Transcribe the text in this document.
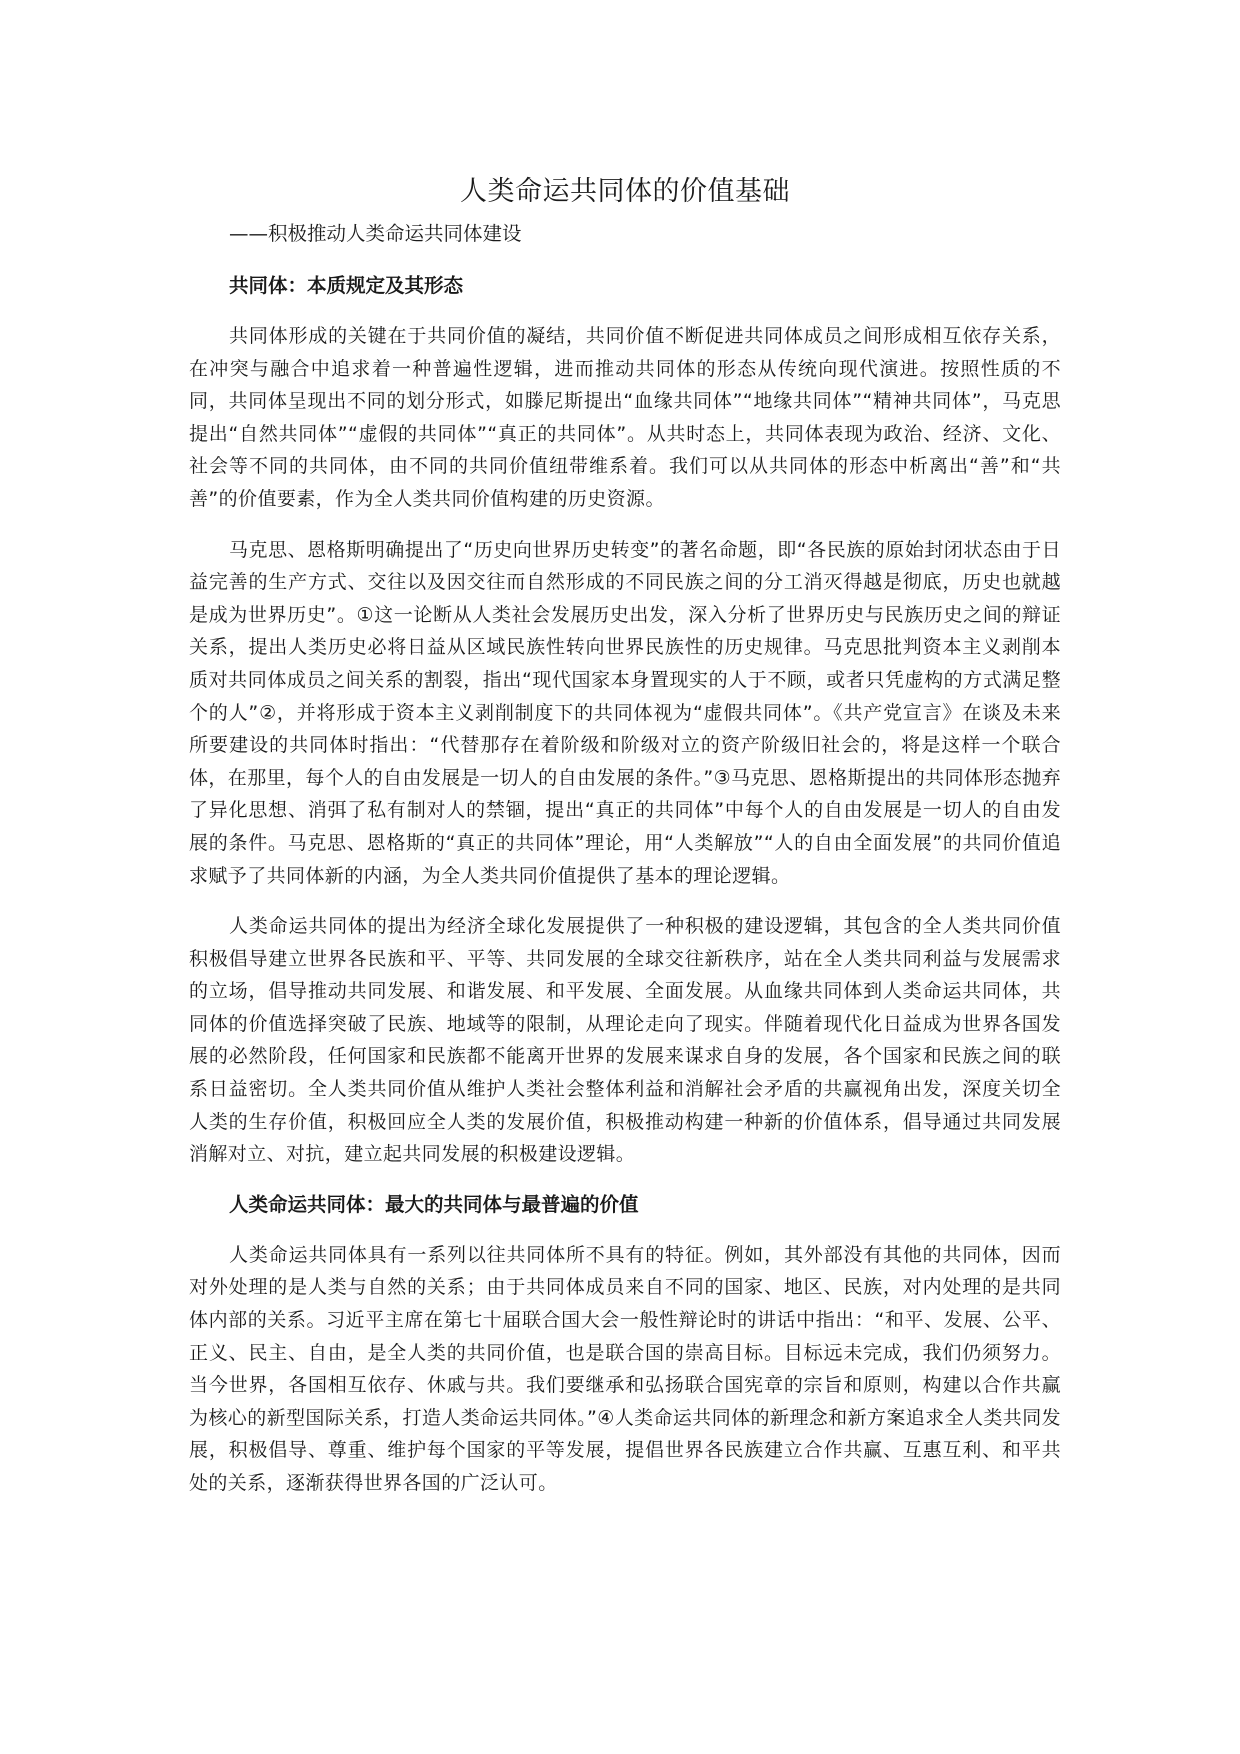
人类命运共同体的价值基础
——积极推动人类命运共同体建设
共同体：本质规定及其形态

共同体形成的关键在于共同价值的凝结，共同价值不断促进共同体成员之间形成相互依存关系，在冲突与融合中追求着一种普遍性逻辑，进而推动共同体的形态从传统向现代演进。按照性质的不同，共同体呈现出不同的划分形式，如滕尼斯提出“血缘共同体”“地缘共同体”“精神共同体”，马克思提出“自然共同体”“虚假的共同体”“真正的共同体”。从共时态上，共同体表现为政治、经济、文化、社会等不同的共同体，由不同的共同价值纽带维系着。我们可以从共同体的形态中析离出“善”和“共善”的价值要素，作为全人类共同价值构建的历史资源。

马克思、恩格斯明确提出了“历史向世界历史转变”的著名命题，即“各民族的原始封闭状态由于日益完善的生产方式、交往以及因交往而自然形成的不同民族之间的分工消灭得越是彻底，历史也就越是成为世界历史”。①这一论断从人类社会发展历史出发，深入分析了世界历史与民族历史之间的辩证关系，提出人类历史必将日益从区域民族性转向世界民族性的历史规律。马克思批判资本主义剥削本质对共同体成员之间关系的割裂，指出“现代国家本身置现实的人于不顾，或者只凭虚构的方式满足整个的人”②，并将形成于资本主义剥削制度下的共同体视为“虚假共同体”。《共产党宣言》在谈及未来所要建设的共同体时指出：“代替那存在着阶级和阶级对立的资产阶级旧社会的，将是这样一个联合体，在那里，每个人的自由发展是一切人的自由发展的条件。”③马克思、恩格斯提出的共同体形态抛弃了异化思想、消弭了私有制对人的禁锢，提出“真正的共同体”中每个人的自由发展是一切人的自由发展的条件。马克思、恩格斯的“真正的共同体”理论，用“人类解放”“人的自由全面发展”的共同价值追求赋予了共同体新的内涵，为全人类共同价值提供了基本的理论逻辑。

人类命运共同体的提出为经济全球化发展提供了一种积极的建设逻辑，其包含的全人类共同价值积极倡导建立世界各民族和平、平等、共同发展的全球交往新秩序，站在全人类共同利益与发展需求的立场，倡导推动共同发展、和谐发展、和平发展、全面发展。从血缘共同体到人类命运共同体，共同体的价值选择突破了民族、地域等的限制，从理论走向了现实。伴随着现代化日益成为世界各国发展的必然阶段，任何国家和民族都不能离开世界的发展来谋求自身的发展，各个国家和民族之间的联系日益密切。全人类共同价值从维护人类社会整体利益和消解社会矛盾的共赢视角出发，深度关切全人类的生存价值，积极回应全人类的发展价值，积极推动构建一种新的价值体系，倡导通过共同发展消解对立、对抗，建立起共同发展的积极建设逻辑。

人类命运共同体：最大的共同体与最普遍的价值

人类命运共同体具有一系列以往共同体所不具有的特征。例如，其外部没有其他的共同体，因而对外处理的是人类与自然的关系；由于共同体成员来自不同的国家、地区、民族，对内处理的是共同体内部的关系。习近平主席在第七十届联合国大会一般性辩论时的讲话中指出：“和平、发展、公平、正义、民主、自由，是全人类的共同价值，也是联合国的崇高目标。目标远未完成，我们仍须努力。当今世界，各国相互依存、休戚与共。我们要继承和弘扬联合国宪章的宗旨和原则，构建以合作共赢为核心的新型国际关系，打造人类命运共同体。”④人类命运共同体的新理念和新方案追求全人类共同发展，积极倡导、尊重、维护每个国家的平等发展，提倡世界各民族建立合作共赢、互惠互利、和平共处的关系，逐渐获得世界各国的广泛认可。
